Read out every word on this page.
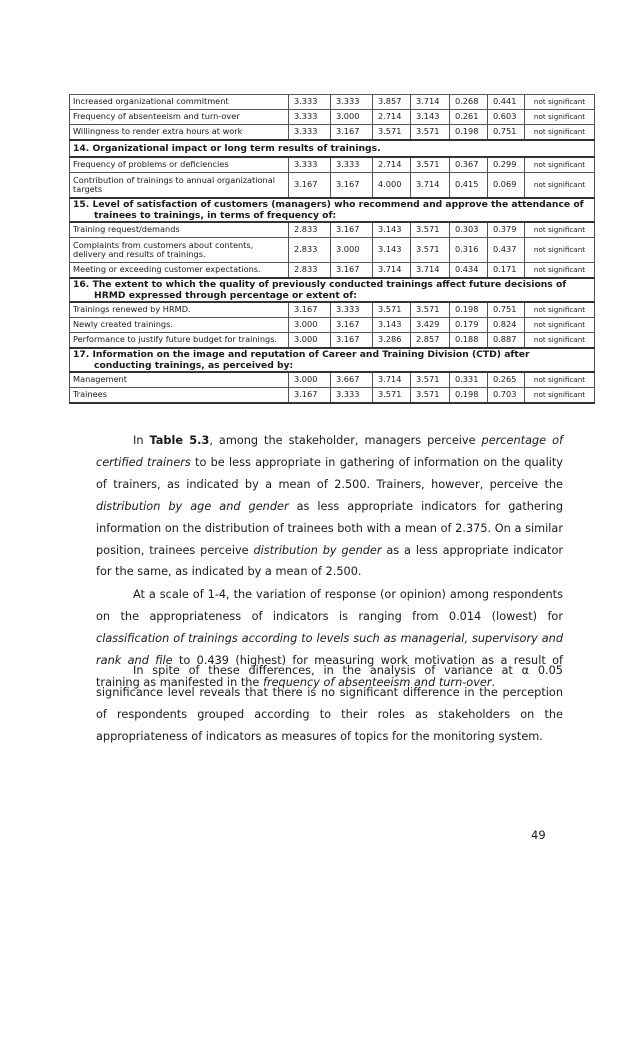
Increased organizational commitment	3.333	3.333	3.857	3.714	0.268	0.441	not significant
Frequency of absenteeism and turn-over	3.333	3.000	2.714	3.143	0.261	0.603	not significant
Willingness to render extra hours at work	3.333	3.167	3.571	3.571	0.198	0.751	not significant
14. Organizational impact or long term results of trainings.							
Frequency of problems or deficiencies	3.333	3.333	2.714	3.571	0.367	0.299	not significant
Contribution of trainings to annual organizational targets	3.167	3.167	4.000	3.714	0.415	0.069	not significant
15. Level of satisfaction of customers (managers) who recommend and approve the attendance of
trainees to trainings, in terms of frequency of:							

Training request/demands	2.833	3.167	3.143	3.571	0.303	0.379	not significant
Complaints from customers about contents, delivery and results of trainings.	2.833	3.000	3.143	3.571	0.316	0.437	not significant
Meeting or exceeding customer expectations.	2.833	3.167	3.714	3.714	0.434	0.171	not significant
16. The extent to which the quality of previously conducted trainings affect future decisions of
HRMD expressed through percentage or extent of:							

Trainings renewed by HRMD.	3.167	3.333	3.571	3.571	0.198	0.751	not significant
Newly created trainings.	3.000	3.167	3.143	3.429	0.179	0.824	not significant
Performance to justify future budget for trainings.	3.000	3.167	3.286	2.857	0.188	0.887	not significant
17. Information on the image and reputation of Career and Training Division (CTD) after
conducting trainings, as perceived by:							

Management	3.000	3.667	3.714	3.571	0.331	0.265	not significant
Trainees	3.167	3.333	3.571	3.571	0.198	0.703	not significant
In Table 5.3, among the stakeholder, managers perceive percentage of certified trainers to be less appropriate in gathering of information on the quality of trainers, as indicated by a mean of 2.500. Trainers, however, perceive the distribution by age and gender as less appropriate indicators for gathering information on the distribution of trainees both with a mean of 2.375. On a similar position, trainees perceive distribution by gender as a less appropriate indicator for the same, as indicated by a mean of 2.500.
At a scale of 1-4, the variation of response (or opinion) among respondents on the appropriateness of indicators is ranging from 0.014 (lowest) for classification of trainings according to levels such as managerial, supervisory and rank and file to 0.439 (highest) for measuring work motivation as a result of training as manifested in the frequency of absenteeism and turn-over.
In spite of these differences, in the analysis of variance at α 0.05 significance level reveals that there is no significant difference in the perception of respondents grouped according to their roles as stakeholders on the appropriateness of indicators as measures of topics for the monitoring system.
49
